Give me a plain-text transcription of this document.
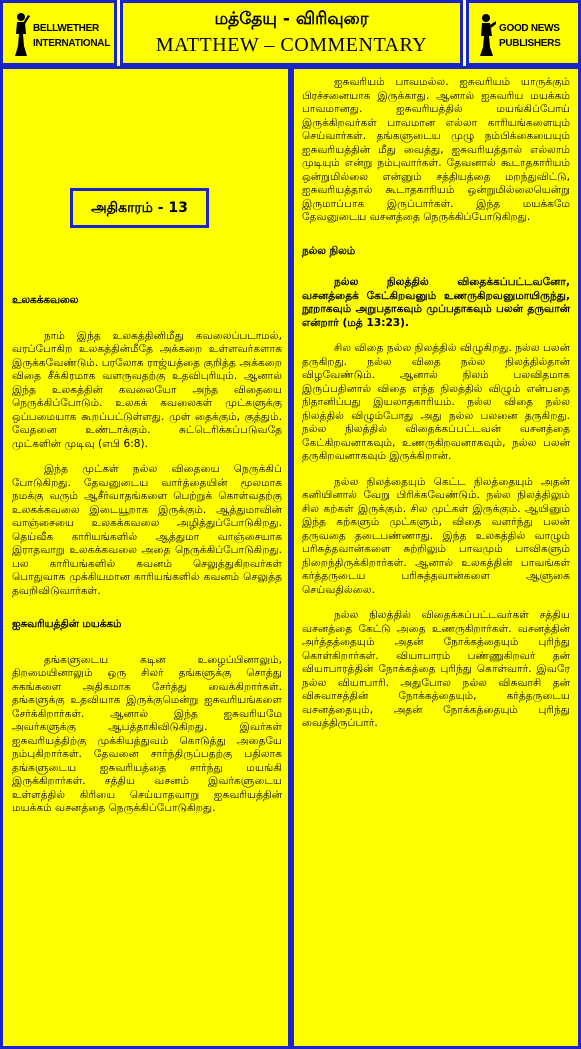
BELLWETHER
INTERNATIONAL
மத்தேயு - விரிவுரை
MATTHEW – COMMENTARY
GOOD NEWS
PUBLISHERS
அதிகாரம் - 13
உலகக்கவலை

நாம் இந்த உலகத்தினிமீது கவலைப்படாமல், வரப்போகிற உலகத்தின்மீதே அக்கறை உள்ளவர்களாக இருக்கவேண்டும். பரலோக ராஜ்யத்தை குறித்த அக்கறை விதை சீக்கிரமாக வளருவதற்கு உதவிபுரியும். ஆனால் இந்த உலகத்தின் கவலையோ அந்த விதையை நெருக்கிப்போடும். உலகக் கவலைகள் முட்களுக்கு ஒப்பமையாக கூறப்பட்டுள்ளது. முள் தைக்கும், குத்தும். வேதனை உண்டாக்கும். சுட்டெரிக்கப்படுவதே முட்களின் முடிவு (எபி 6:8).

இந்த முட்கள் நல்ல விதையை நெருக்கிப் போடுகிறது. தேவனுடைய வார்த்தையின் மூலமாக நமக்கு வரும் ஆசீர்வாதங்களை பெற்றுக் கொள்வதற்கு உலகக்கவலை இடையூறாக இருக்கும். ஆத்துமாவின் வாஞ்சையை உலகக்கவலை அழித்துப்போடுகிறது. தெய்வீக காரியங்களில் ஆத்துமா வாஞ்சையாக இராதவாறு உலகக்கவலை அதை நெருக்கிப்போடுகிறது. பல காரியங்களில் கவனம் செலுத்துகிறவர்கள் பொதுவாக முக்கியமான காரியங்களில் கவனம் செலுத்த தவறிவிடுவார்கள்.

ஐசுவரியத்தின் மயக்கம்

தங்களுடைய கடின உழைப்பினாலும், திறமையினாலும் ஒரு சிலர் தங்களுக்கு சொத்து சுகங்களை அதிகமாக சேர்த்து வைக்கிறார்கள். தங்களுக்கு உதவியாக இருக்குமென்று ஐசுவரியங்களை சேர்க்கிறார்கள். ஆனால் இந்த ஐசுவரியமே அவர்களுக்கு ஆபத்தாகிவிடுகிறது. இவர்கள் ஐசுவரியத்திற்கு முக்கியத்துவம் கொடுத்து அதையே நம்புகிறார்கள். தேவனை சார்ந்திருப்பதற்கு பதிலாக தங்களுடைய ஐசுவரியத்தை சார்ந்து மயங்கி இருக்கிறார்கள். சத்திய வசனம் இவர்களுடைய உள்ளத்தில் கிரியை செய்யாதவாறு ஐசுவரியத்தின் மயக்கம் வசனத்தை நெருக்கிப்போடுகிறது.

ஐசுவரியம் பாவமல்ல. ஐசுவரியம் யாருக்கும் பிரச்சனையாக இருக்காது. ஆனால் ஐசுவரிய மயக்கம் பாவமானது. ஐசுவரியத்தில் மயங்கிப்போய் இருக்கிறவர்கள் பாவமான எல்லா காரியங்களையும் செய்வார்கள். தங்களுடைய முழு நம்பிக்கையையும் ஐசுவரியத்தின் மீது வைத்து, ஐசுவரியத்தால் எல்லாம் முடியும் என்று நம்புவார்கள். தேவனால் கூடாதகாரியம் ஒன்றுமில்லை என்னும் சத்தியத்தை மறந்துவிட்டு, ஐசுவரியத்தால் கூடாதகாரியம் ஒன்றுமில்லையென்று இருமாப்பாக இருப்பார்கள். இந்த மயக்கமே தேவனுடைய வசனத்தை நெருக்கிப்போடுகிறது.

நல்ல நிலம்

நல்ல நிலத்தில் விதைக்கப்பட்டவனோ, வசனத்தைக் கேட்கிறவனும் உணருகிறவனுமாயிருந்து, நூறாகவும் அறுபதாகவும் முப்பதாகவும் பலன் தருவான் என்றார் (மத் 13:23).

சில விதை நல்ல நிலத்தில் விழுகிறது. நல்ல பலன் தருகிறது. நல்ல விதை நல்ல நிலத்தில்தான் விழவேண்டும். ஆனால் நிலம் பலவிதமாக இருப்பதினால் விதை எந்த நிலத்தில் விழும் என்பதை நிதானிப்பது இயலாதகாரியம். நல்ல விதை நல்ல நிலத்தில் விழும்போது அது நல்ல பலனை தருகிறது. நல்ல நிலத்தில் விதைக்கப்பட்டவன் வசனத்தை கேட்கிறவனாகவும், உணருகிறவனாகவும், நல்ல பலன் தருகிறவனாகவும் இருக்கிறான்.

நல்ல நிலத்தையும் கெட்ட நிலத்தையும் அதன் கனியினால் வேறு பிரிக்கவேண்டும். நல்ல நிலத்திலும் சில கற்கள் இருக்கும். சில முட்கள் இருக்கும். ஆயினும் இந்த கற்களும் முட்களும், விதை வளர்ந்து பலன் தருவதை தடைபண்ணாது. இந்த உலகத்தில் வாழும் பரிசுத்தவான்களை சுற்றிலும் பாவமும் பாவிகளும் நிறைந்திருக்கிறார்கள். ஆனால் உலகத்தின் பாவங்கள் கர்த்தருடைய பரிசுத்தவான்களை ஆளுகை செய்வதில்லை.

நல்ல நிலத்தில் விதைக்கப்பட்டவர்கள் சத்திய வசனத்தை கேட்டு அதை உணருகிறார்கள். வசனத்தின் அர்த்தத்தையும் அதன் நோக்கத்தையும் புரிந்து கொள்கிறார்கள். வியாபாரம் பண்ணுகிறவர் தன் வியாபாரத்தின் நோக்கத்தை புரிந்து கொள்வார். இவரே நல்ல வியாபாரி. அதுபோல நல்ல விசுவாசி தன் விசுவாசத்தின் நோக்கத்தையும், கர்த்தருடைய வசனத்தையும், அதன் நோக்கத்தையும் புரிந்து வைத்திருப்பார்.
